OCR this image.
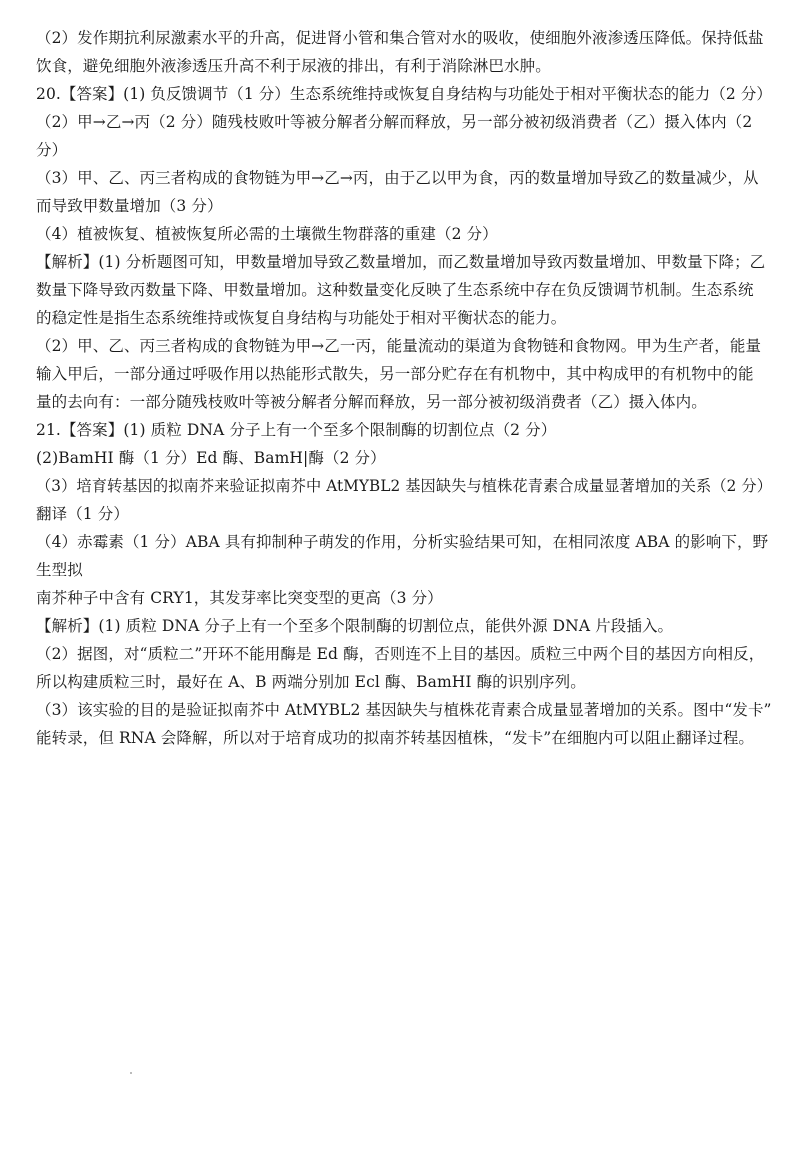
（2）发作期抗利尿激素水平的升高，促进肾小管和集合管对水的吸收，使细胞外液渗透压降低。保持低盐
饮食，避免细胞外液渗透压升高不利于尿液的排出，有利于消除淋巴水肿。
20.【答案】(1) 负反馈调节（1 分）生态系统维持或恢复自身结构与功能处于相对平衡状态的能力（2 分）
（2）甲→乙→丙（2 分）随残枝败叶等被分解者分解而释放，另一部分被初级消费者（乙）摄入体内（2
分）
（3）甲、乙、丙三者构成的食物链为甲→乙→丙，由于乙以甲为食，丙的数量增加导致乙的数量减少，从
而导致甲数量增加（3 分）
（4）植被恢复、植被恢复所必需的土壤微生物群落的重建（2 分）
【解析】(1) 分析题图可知，甲数量增加导致乙数量增加，而乙数量增加导致丙数量增加、甲数量下降；乙
数量下降导致丙数量下降、甲数量增加。这种数量变化反映了生态系统中存在负反馈调节机制。生态系统
的稳定性是指生态系统维持或恢复自身结构与功能处于相对平衡状态的能力。
（2）甲、乙、丙三者构成的食物链为甲→乙一丙，能量流动的渠道为食物链和食物网。甲为生产者，能量
输入甲后，一部分通过呼吸作用以热能形式散失，另一部分贮存在有机物中，其中构成甲的有机物中的能
量的去向有：一部分随残枝败叶等被分解者分解而释放，另一部分被初级消费者（乙）摄入体内。
21.【答案】(1) 质粒 DNA 分子上有一个至多个限制酶的切割位点（2 分）
(2)BamHI 酶（1 分）Ed 酶、BamH|酶（2 分）
（3）培育转基因的拟南芥来验证拟南芥中 AtMYBL2 基因缺失与植株花青素合成量显著增加的关系（2 分）
翻译（1 分）
（4）赤霉素（1 分）ABA 具有抑制种子萌发的作用，分析实验结果可知，在相同浓度 ABA 的影响下，野
生型拟
南芥种子中含有 CRY1，其发芽率比突变型的更高（3 分）
【解析】(1) 质粒 DNA 分子上有一个至多个限制酶的切割位点，能供外源 DNA 片段插入。
（2）据图，对“质粒二”开环不能用酶是 Ed 酶，否则连不上目的基因。质粒三中两个目的基因方向相反，
所以构建质粒三时，最好在 A、B 两端分别加 Ecl 酶、BamHI 酶的识别序列。
（3）该实验的目的是验证拟南芥中 AtMYBL2 基因缺失与植株花青素合成量显著增加的关系。图中“发卡”
能转录，但 RNA 会降解，所以对于培育成功的拟南芥转基因植株，“发卡”在细胞内可以阻止翻译过程。
